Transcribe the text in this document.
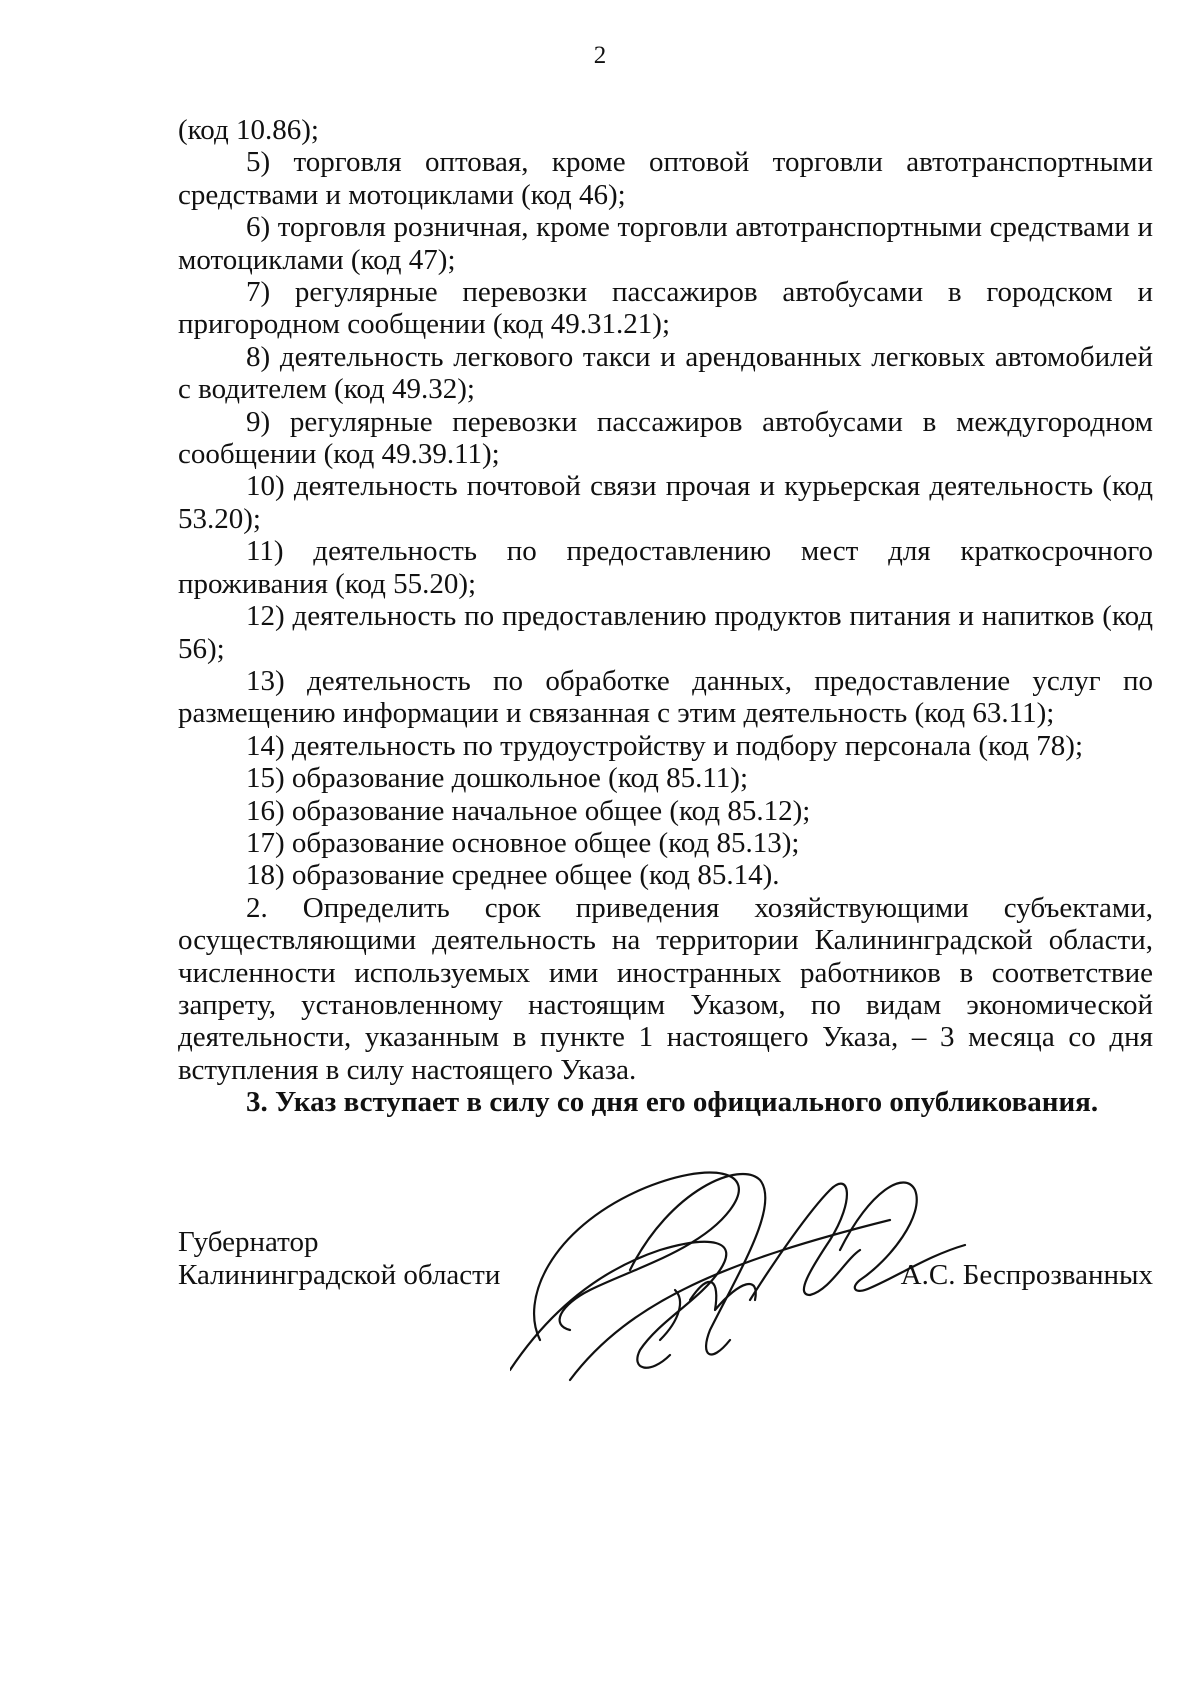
2

(код 10.86);

5) торговля оптовая, кроме оптовой торговли автотранспортными средствами и мотоциклами (код 46);

6) торговля розничная, кроме торговли автотранспортными средствами и мотоциклами (код 47);

7) регулярные перевозки пассажиров автобусами в городском и пригородном сообщении (код 49.31.21);

8) деятельность легкового такси и арендованных легковых автомобилей с водителем (код 49.32);

9) регулярные перевозки пассажиров автобусами в междугородном сообщении (код 49.39.11);

10) деятельность почтовой связи прочая и курьерская деятельность (код 53.20);

11) деятельность по предоставлению мест для краткосрочного проживания (код 55.20);

12) деятельность по предоставлению продуктов питания и напитков (код 56);

13) деятельность по обработке данных, предоставление услуг по размещению информации и связанная с этим деятельность (код 63.11);

14) деятельность по трудоустройству и подбору персонала (код 78);

15) образование дошкольное (код 85.11);

16) образование начальное общее (код 85.12);

17) образование основное общее (код 85.13);

18) образование среднее общее (код 85.14).

2. Определить срок приведения хозяйствующими субъектами, осуществляющими деятельность на территории Калининградской области, численности используемых ими иностранных работников в соответствие запрету, установленному настоящим Указом, по видам экономической деятельности, указанным в пункте 1 настоящего Указа, – 3 месяца со дня вступления в силу настоящего Указа.

3. Указ вступает в силу со дня его официального опубликования.

Губернатор
Калининградской области	А.С. Беспрозванных
